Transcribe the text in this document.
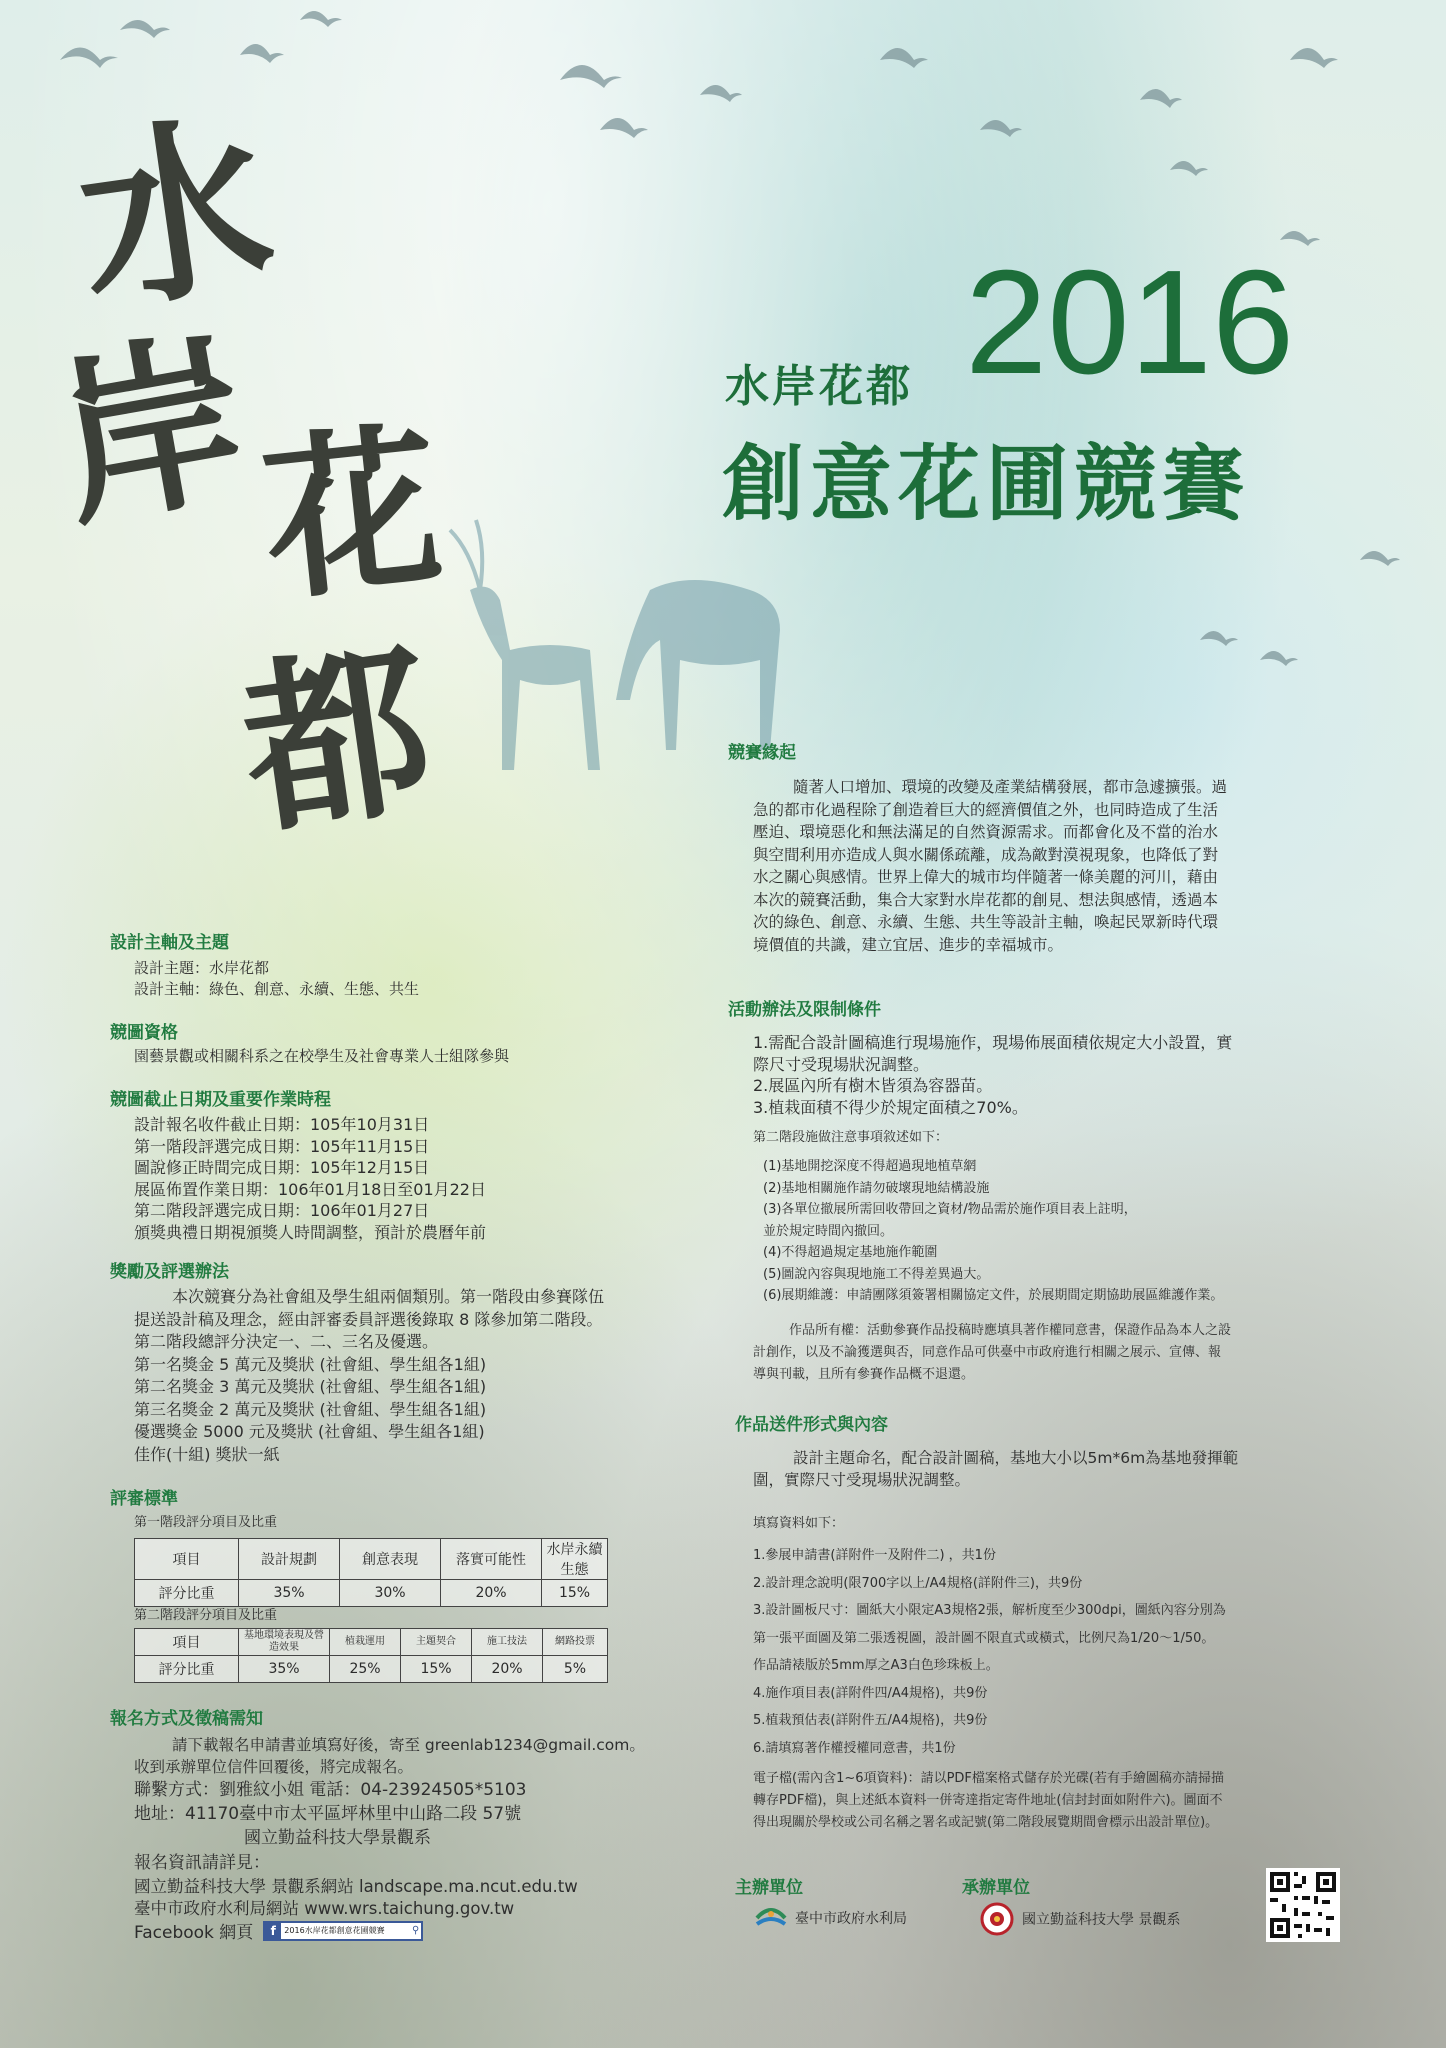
水
岸
花
都
水岸花都 2016
創意花圃競賽
設計主軸及主題
設計主題：水岸花都
設計主軸：綠色、創意、永續、生態、共生
競圖資格
園藝景觀或相關科系之在校學生及社會專業人士組隊參與
競圖截止日期及重要作業時程
設計報名收件截止日期：105年10月31日
第一階段評選完成日期：105年11月15日
圖說修正時間完成日期：105年12月15日
展區佈置作業日期：106年01月18日至01月22日
第二階段評選完成日期：106年01月27日
頒獎典禮日期視頒獎人時間調整，預計於農曆年前
獎勵及評選辦法
本次競賽分為社會組及學生組兩個類別。第一階段由參賽隊伍
提送設計稿及理念，經由評審委員評選後錄取 8 隊參加第二階段。
第二階段總評分決定一、二、三名及優選。
第一名獎金 5 萬元及獎狀 (社會組、學生組各1組)
第二名獎金 3 萬元及獎狀 (社會組、學生組各1組)
第三名獎金 2 萬元及獎狀 (社會組、學生組各1組)
優選獎金 5000 元及獎狀 (社會組、學生組各1組)
佳作(十組) 獎狀一紙
評審標準
第一階段評分項目及比重
項目	設計規劃	創意表現	落實可能性	水岸永續生態
評分比重	35%	30%	20%	15%
第二階段評分項目及比重
項目	基地環境表現及營造效果	植栽運用	主題契合	施工技法	網路投票
評分比重	35%	25%	15%	20%	5%
報名方式及徵稿需知
請下載報名申請書並填寫好後，寄至 greenlab1234@gmail.com。
收到承辦單位信件回覆後，將完成報名。
聯繫方式：劉雅紋小姐 電話：04-23924505*5103
地址：41170臺中市太平區坪林里中山路二段 57號
國立勤益科技大學景觀系
報名資訊請詳見：
國立勤益科技大學 景觀系網站 landscape.ma.ncut.edu.tw
臺中市政府水利局網站 www.wrs.taichung.gov.tw
Facebook 網頁	f	2016水岸花都創意花圃競賽	⚲
競賽緣起
隨著人口增加、環境的改變及產業結構發展，都市急遽擴張。過
急的都市化過程除了創造着巨大的經濟價值之外，也同時造成了生活
壓迫、環境惡化和無法滿足的自然資源需求。而都會化及不當的治水
與空間利用亦造成人與水關係疏離，成為敵對漠視現象，也降低了對
水之關心與感情。世界上偉大的城市均伴隨著一條美麗的河川，藉由
本次的競賽活動，集合大家對水岸花都的創見、想法與感情，透過本
次的綠色、創意、永續、生態、共生等設計主軸，喚起民眾新時代環
境價值的共識，建立宜居、進步的幸福城市。
活動辦法及限制條件
1.需配合設計圖稿進行現場施作，現場佈展面積依規定大小設置，實
際尺寸受現場狀況調整。
2.展區內所有樹木皆須為容器苗。
3.植栽面積不得少於規定面積之70%。
第二階段施做注意事項敘述如下：
(1)基地開挖深度不得超過現地植草網
(2)基地相關施作請勿破壞現地結構設施
(3)各單位撤展所需回收帶回之資材/物品需於施作項目表上註明，
並於規定時間內撤回。
(4)不得超過規定基地施作範圍
(5)圖說內容與現地施工不得差異過大。
(6)展期維護：申請團隊須簽署相關協定文件，於展期間定期協助展區維護作業。
作品所有權：活動參賽作品投稿時應填具著作權同意書，保證作品為本人之設
計創作，以及不論獲選與否，同意作品可供臺中市政府進行相關之展示、宣傳、報
導與刊載，且所有參賽作品概不退還。
作品送件形式與內容
設計主題命名，配合設計圖稿，基地大小以5m*6m為基地發揮範
圍，實際尺寸受現場狀況調整。
填寫資料如下：
1.參展申請書(詳附件一及附件二) ，共1份
2.設計理念說明(限700字以上/A4規格(詳附件三)，共9份
3.設計圖板尺寸：圖紙大小限定A3規格2張，解析度至少300dpi，圖紙內容分別為
第一張平面圖及第二張透視圖，設計圖不限直式或橫式，比例尺為1/20～1/50。
作品請裱版於5mm厚之A3白色珍珠板上。
4.施作項目表(詳附件四/A4規格)，共9份
5.植栽預估表(詳附件五/A4規格)，共9份
6.請填寫著作權授權同意書，共1份
電子檔(需內含1~6項資料)：請以PDF檔案格式儲存於光碟(若有手繪圖稿亦請掃描
轉存PDF檔)，與上述紙本資料一併寄達指定寄件地址(信封封面如附件六)。圖面不
得出現關於學校或公司名稱之署名或記號(第二階段展覽期間會標示出設計單位)。
主辦單位
臺中市政府水利局
承辦單位
國立勤益科技大學 景觀系
